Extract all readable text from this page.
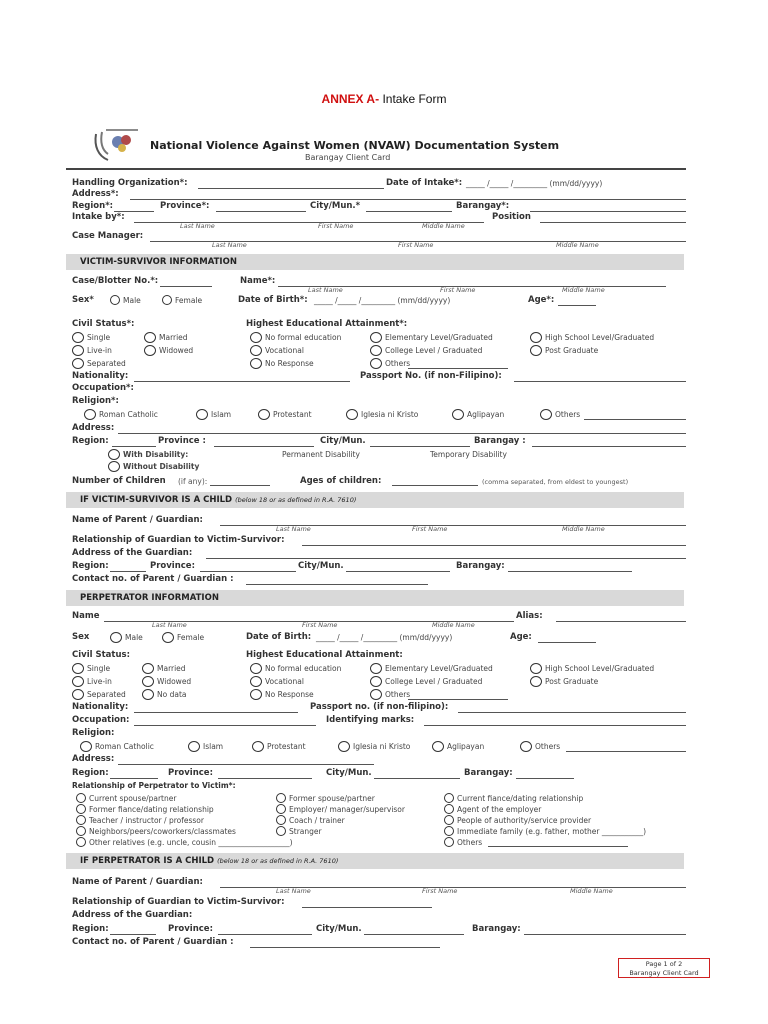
ANNEX A- Intake Form
National Violence Against Women (NVAW) Documentation System
Barangay Client Card
Handling Organization*:	Date of Intake*: _____ /_____ /_________ (mm/dd/yyyy)
Address*:
Region*:	Province*:	City/Mun.*	Barangay*:
Intake by*:	Position
Last Name	First Name	Middle Name
Case Manager:
Last Name	First Name	Middle Name
VICTIM-SURVIVOR INFORMATION
Case/Blotter No.*:	Name*:
Last Name	First Name	Middle Name
Sex*	Male	Female	Date of Birth*: _____ /_____ /_________ (mm/dd/yyyy)	Age*:
Civil Status*:	Highest Educational Attainment*:
Single	Married	No formal education	Elementary Level/Graduated	High School Level/Graduated
Live-in	Widowed	Vocational	College Level / Graduated	Post Graduate
Separated	No Response	Others
Nationality:	Passport No. (if non-Filipino):
Occupation*:
Religion*:
Roman Catholic	Islam	Protestant	Iglesia ni Kristo	Aglipayan	Others
Address:
Region:	Province :	City/Mun.	Barangay :
With Disability:	Permanent Disability	Temporary Disability
Without Disability
Number of Children (if any):	Ages of children:	(comma separated, from eldest to youngest)
IF VICTIM-SURVIVOR IS A CHILD (below 18 or as defined in R.A. 7610)
Name of Parent / Guardian:
Last Name	First Name	Middle Name
Relationship of Guardian to Victim-Survivor:
Address of the Guardian:
Region:	Province:	City/Mun.	Barangay:
Contact no. of Parent / Guardian :
PERPETRATOR INFORMATION
Name	Alias:
Last Name	First Name	Middle Name
Sex	Male	Female	Date of Birth: _____ /_____ /_________ (mm/dd/yyyy)	Age:
Civil Status:	Highest Educational Attainment:
Single	Married	No formal education	Elementary Level/Graduated	High School Level/Graduated
Live-in	Widowed	Vocational	College Level / Graduated	Post Graduate
Separated	No data	No Response	Others
Nationality:	Passport no. (if non-filipino):
Occupation:	Identifying marks:
Religion:
Roman Catholic	Islam	Protestant	Iglesia ni Kristo	Aglipayan	Others
Address:
Region:	Province:	City/Mun.	Barangay:
Relationship of Perpetrator to Victim*:
Current spouse/partner	Former spouse/partner	Current fiance/dating relationship
Former fiance/dating relationship	Employer/ manager/supervisor	Agent of the employer
Teacher / instructor / professor	Coach / trainer	People of authority/service provider
Neighbors/peers/coworkers/classmates	Stranger	Immediate family (e.g. father, mother ___________)
Other relatives (e.g. uncle, cousin ___________________)	Others
IF PERPETRATOR IS A CHILD (below 18 or as defined in R.A. 7610)
Name of Parent / Guardian:
Last Name	First Name	Middle Name
Relationship of Guardian to Victim-Survivor:
Address of the Guardian:
Region:	Province:	City/Mun.	Barangay:
Contact no. of Parent / Guardian :
Page 1 of 2
Barangay Client Card
